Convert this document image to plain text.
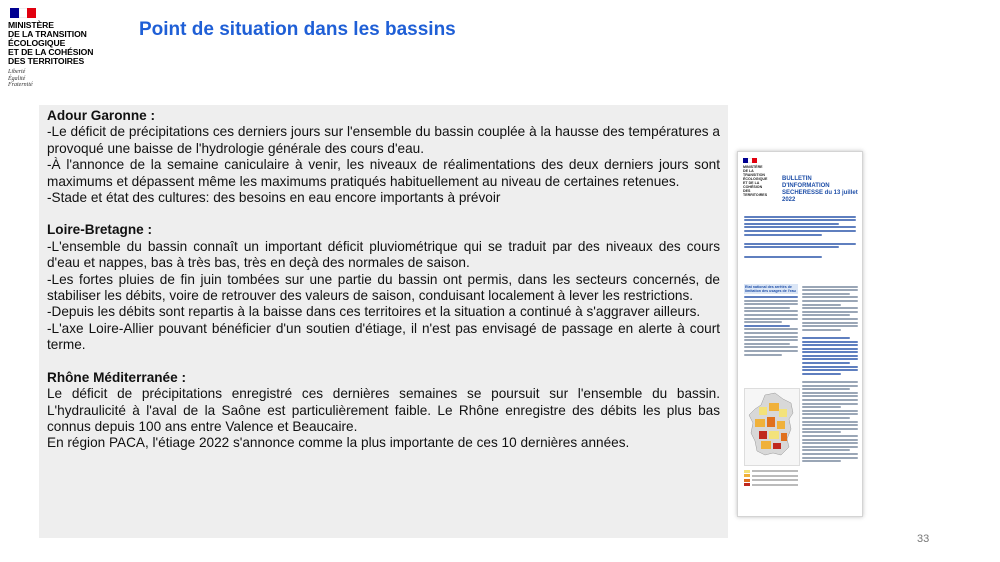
MINISTÈRE
DE LA TRANSITION
ÉCOLOGIQUE
ET DE LA COHÉSION
DES TERRITOIRES
Liberté
Égalité
Fraternité
Point de situation dans les bassins
Adour Garonne :

-Le déficit de précipitations ces derniers jours sur l'ensemble du bassin couplée à la hausse des températures a provoqué une baisse de l'hydrologie générale des cours d'eau.

-À l'annonce de la semaine caniculaire à venir, les niveaux de réalimentations des deux derniers jours sont maximums et dépassent même les maximums pratiqués habituellement au niveau de certaines retenues.

-Stade et état des cultures: des besoins en eau encore importants à prévoir

Loire-Bretagne :

-L'ensemble du bassin connaît un important déficit pluviométrique qui se traduit par des niveaux des cours d'eau et nappes, bas à très bas, très en deçà des normales de saison.

-Les fortes pluies de fin juin tombées sur une partie du bassin ont permis, dans les secteurs concernés, de stabiliser les débits, voire de retrouver des valeurs de saison, conduisant localement à lever les restrictions.

-Depuis les débits sont repartis à la baisse dans ces territoires et la situation a continué à s'aggraver ailleurs.

-L'axe Loire-Allier pouvant bénéficier d'un soutien d'étiage, il n'est pas envisagé de passage en alerte à court terme.

Rhône Méditerranée :

Le déficit de précipitations enregistré ces dernières semaines se poursuit sur l'ensemble du bassin. L'hydraulicité à l'aval de la Saône est particulièrement faible. Le Rhône enregistre des débits les plus bas connus depuis 100 ans entre Valence et Beaucaire.

En région PACA, l'étiage 2022 s'annonce comme la plus importante de ces 10 dernières années.

MINISTÈRE
DE LA TRANSITION
ÉCOLOGIQUE
ET DE LA COHÉSION
DES TERRITOIRES
BULLETIN D'INFORMATION SECHERESSE du 13 juillet 2022
Etat national des arrêtés de limitation des usages de l'eau
33
